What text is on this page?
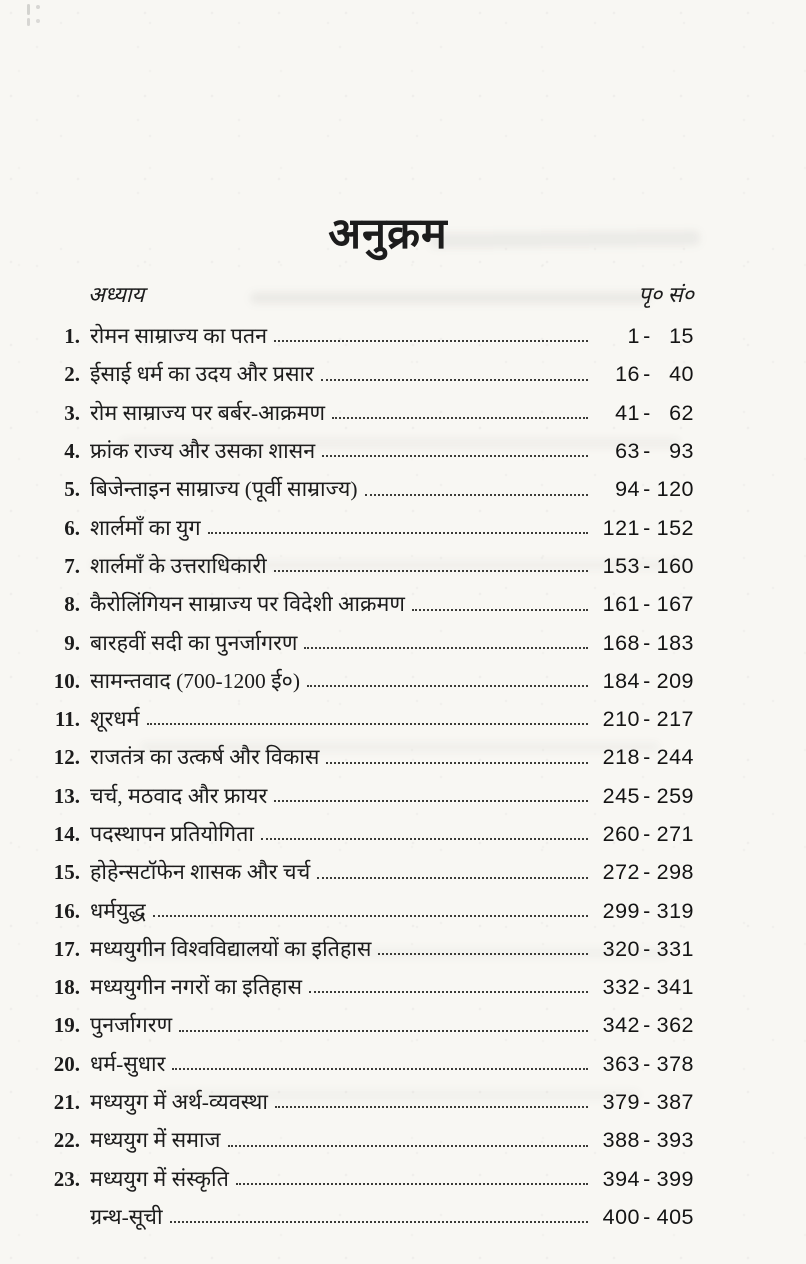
अनुक्रम
अध्याय	पृ० सं०
1. रोमन साम्राज्य का पतन	1 - 15
2. ईसाई धर्म का उदय और प्रसार	16 - 40
3. रोम साम्राज्य पर बर्बर-आक्रमण	41 - 62
4. फ्रांक राज्य और उसका शासन	63 - 93
5. बिजेन्ताइन साम्राज्य (पूर्वी साम्राज्य)	94 - 120
6. शार्लमाँ का युग	121 - 152
7. शार्लमाँ के उत्तराधिकारी	153 - 160
8. कैरोलिंगियन साम्राज्य पर विदेशी आक्रमण	161 - 167
9. बारहवीं सदी का पुनर्जागरण	168 - 183
10. सामन्तवाद (700-1200 ई०)	184 - 209
11. शूरधर्म	210 - 217
12. राजतंत्र का उत्कर्ष और विकास	218 - 244
13. चर्च, मठवाद और फ्रायर	245 - 259
14. पदस्थापन प्रतियोगिता	260 - 271
15. होहेन्सटॉफेन शासक और चर्च	272 - 298
16. धर्मयुद्ध	299 - 319
17. मध्ययुगीन विश्वविद्यालयों का इतिहास	320 - 331
18. मध्ययुगीन नगरों का इतिहास	332 - 341
19. पुनर्जागरण	342 - 362
20. धर्म-सुधार	363 - 378
21. मध्ययुग में अर्थ-व्यवस्था	379 - 387
22. मध्ययुग में समाज	388 - 393
23. मध्ययुग में संस्कृति	394 - 399
ग्रन्थ-सूची	400 - 405
